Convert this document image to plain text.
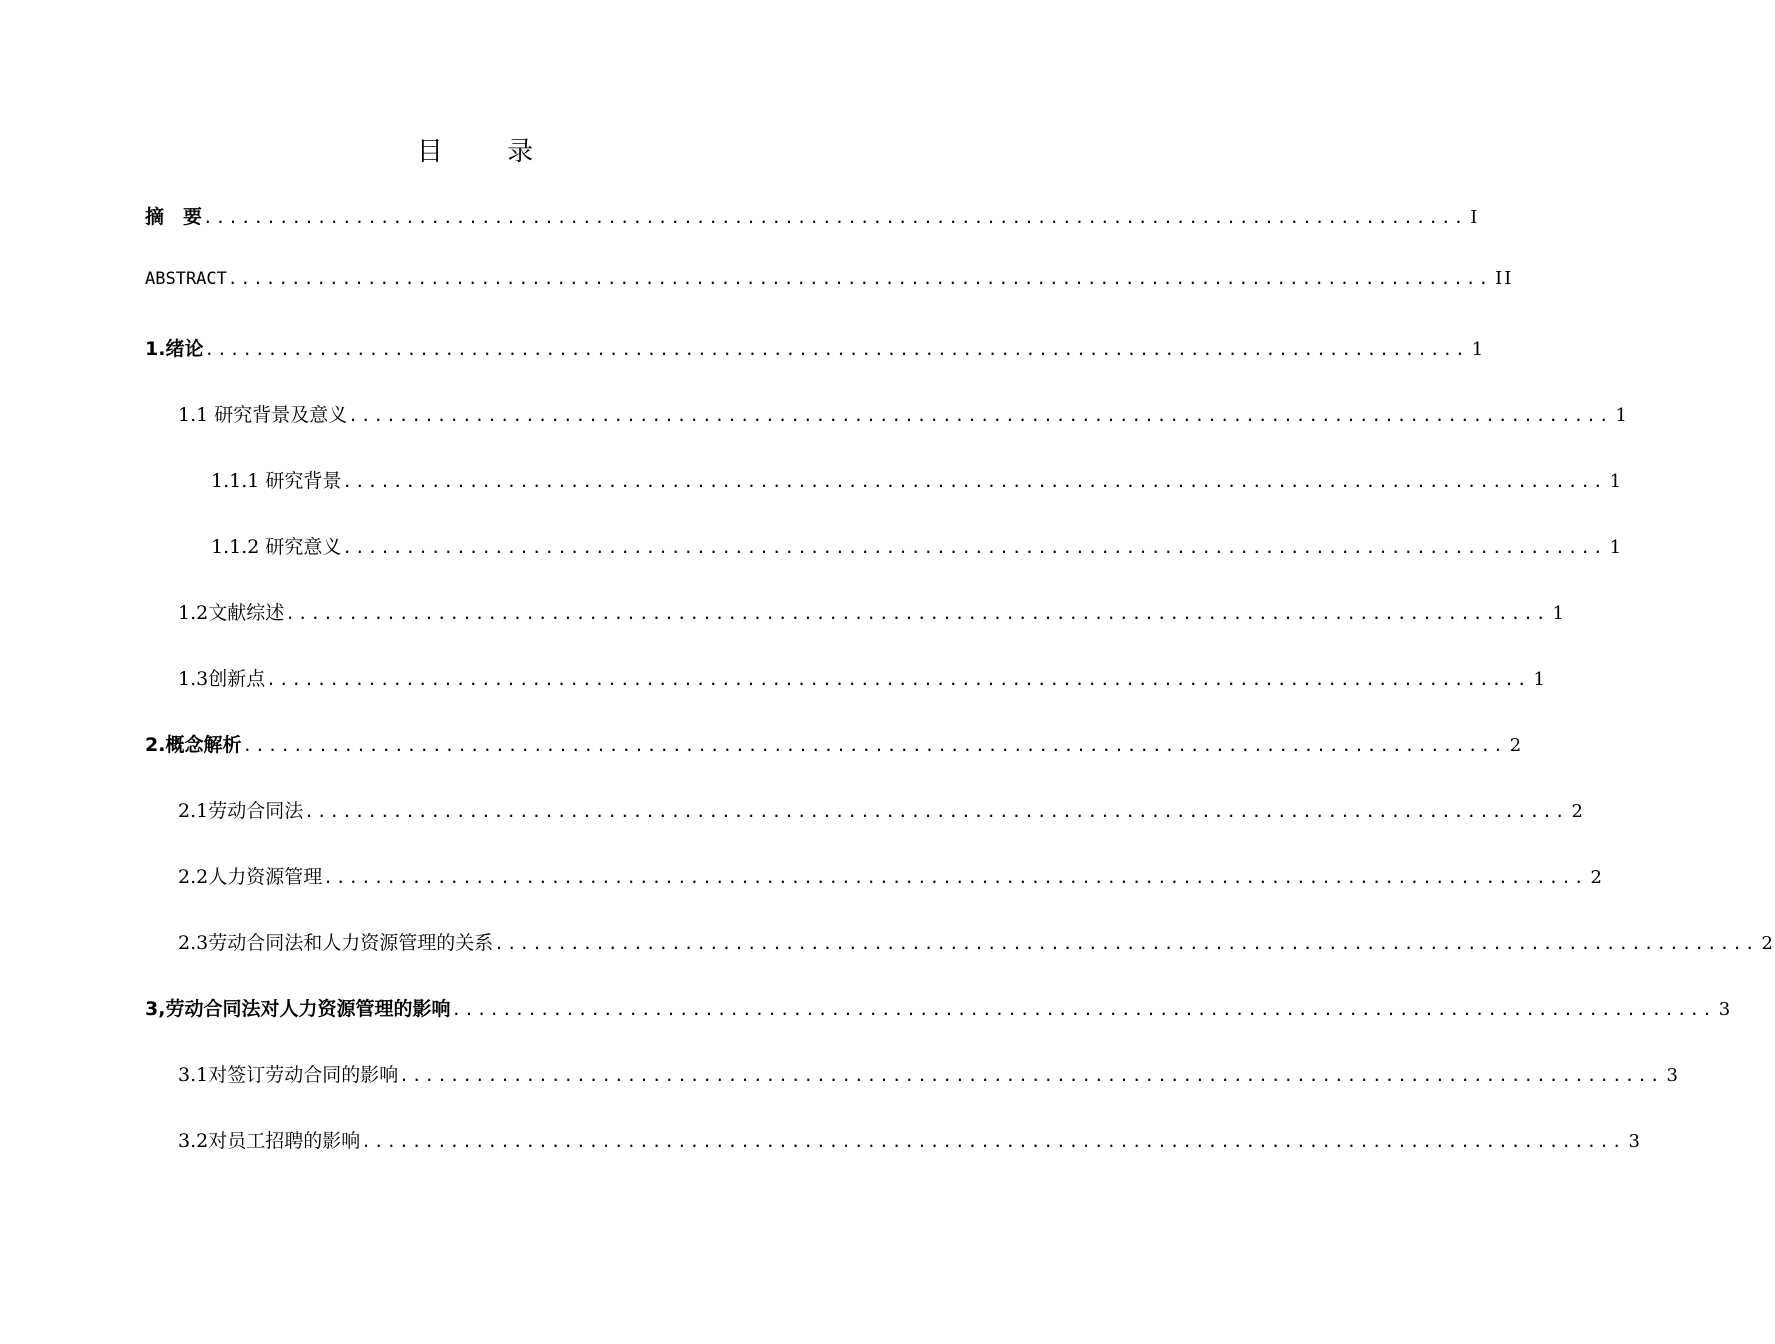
目 录
摘　要 .................................................................................................... I
ABSTRACT .................................................................................................... II
1.绪论 .................................................................................................... 1
1.1 研究背景及意义 .................................................................................................... 1
1.1.1 研究背景 .................................................................................................... 1
1.1.2 研究意义 .................................................................................................... 1
1.2文献综述 .................................................................................................... 1
1.3创新点 .................................................................................................... 1
2.概念解析 .................................................................................................... 2
2.1劳动合同法 .................................................................................................... 2
2.2人力资源管理 .................................................................................................... 2
2.3劳动合同法和人力资源管理的关系 .................................................................................................... 2
3,劳动合同法对人力资源管理的影响 .................................................................................................... 3
3.1对签订劳动合同的影响 .................................................................................................... 3
3.2对员工招聘的影响 .................................................................................................... 3
